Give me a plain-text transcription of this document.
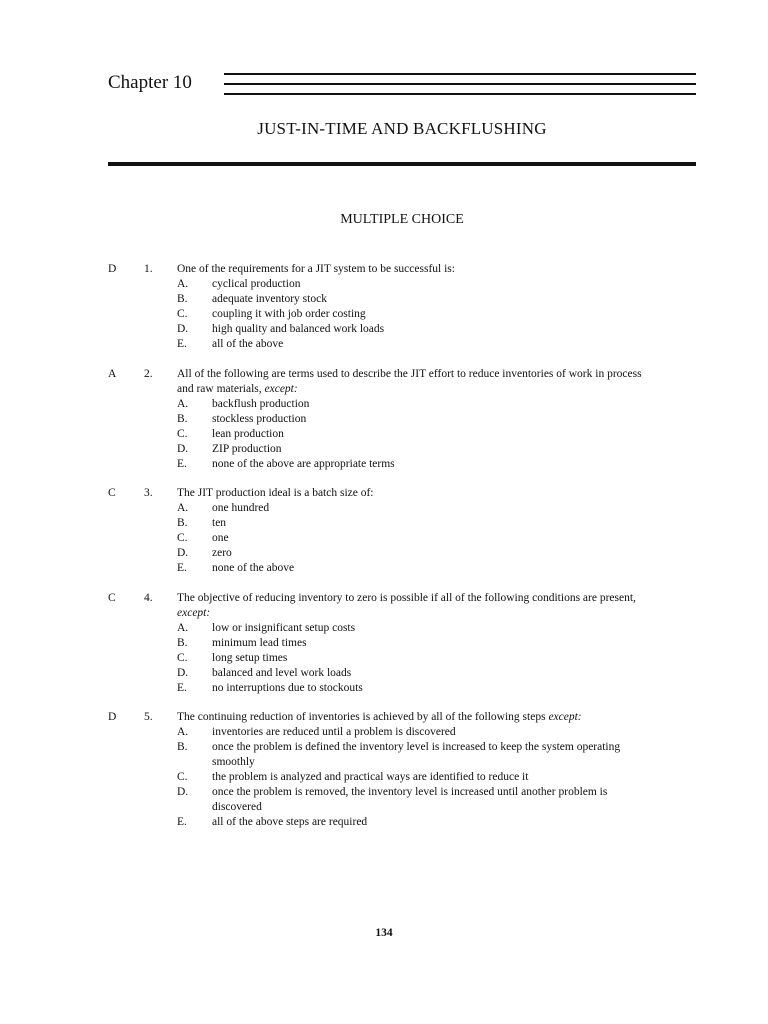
Chapter 10
JUST-IN-TIME AND BACKFLUSHING
MULTIPLE CHOICE
D 1. One of the requirements for a JIT system to be successful is:
A. cyclical production
B. adequate inventory stock
C. coupling it with job order costing
D. high quality and balanced work loads
E. all of the above
A 2. All of the following are terms used to describe the JIT effort to reduce inventories of work in process
and raw materials, except:
A. backflush production
B. stockless production
C. lean production
D. ZIP production
E. none of the above are appropriate terms
C 3. The JIT production ideal is a batch size of:
A. one hundred
B. ten
C. one
D. zero
E. none of the above
C 4. The objective of reducing inventory to zero is possible if all of the following conditions are present,
except:
A. low or insignificant setup costs
B. minimum lead times
C. long setup times
D. balanced and level work loads
E. no interruptions due to stockouts
D 5. The continuing reduction of inventories is achieved by all of the following steps except:
A. inventories are reduced until a problem is discovered
B. once the problem is defined the inventory level is increased to keep the system operating
smoothly
C. the problem is analyzed and practical ways are identified to reduce it
D. once the problem is removed, the inventory level is increased until another problem is
discovered
E. all of the above steps are required
134
